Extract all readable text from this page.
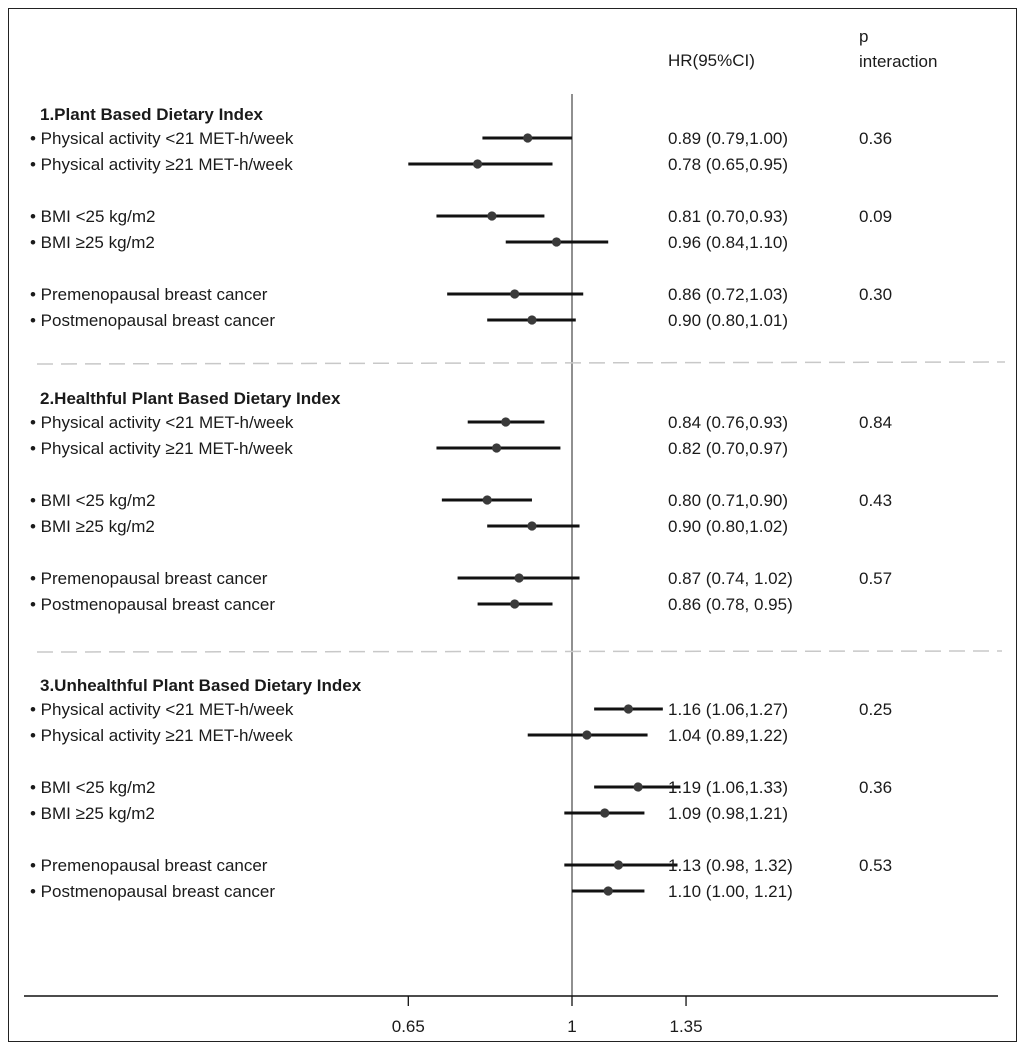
HR(95%CI)
p
interaction
1.Plant Based Dietary Index
• Physical activity <21 MET-h/week	0.89 (0.79,1.00)	0.36
• Physical activity ≥21 MET-h/week	0.78 (0.65,0.95)
• BMI <25 kg/m2	0.81 (0.70,0.93)	0.09
• BMI ≥25 kg/m2	0.96 (0.84,1.10)
• Premenopausal breast cancer	0.86 (0.72,1.03)	0.30
• Postmenopausal breast cancer	0.90 (0.80,1.01)
2.Healthful Plant Based Dietary Index
• Physical activity <21 MET-h/week	0.84 (0.76,0.93)	0.84
• Physical activity ≥21 MET-h/week	0.82 (0.70,0.97)
• BMI <25 kg/m2	0.80 (0.71,0.90)	0.43
• BMI ≥25 kg/m2	0.90 (0.80,1.02)
• Premenopausal breast cancer	0.87 (0.74, 1.02)	0.57
• Postmenopausal breast cancer	0.86 (0.78, 0.95)
3.Unhealthful Plant Based Dietary Index
• Physical activity <21 MET-h/week	1.16 (1.06,1.27)	0.25
• Physical activity ≥21 MET-h/week	1.04 (0.89,1.22)
• BMI <25 kg/m2	1.19 (1.06,1.33)	0.36
• BMI ≥25 kg/m2	1.09 (0.98,1.21)
• Premenopausal breast cancer	1.13 (0.98, 1.32)	0.53
• Postmenopausal breast cancer	1.10 (1.00, 1.21)
0.65	1	1.35
